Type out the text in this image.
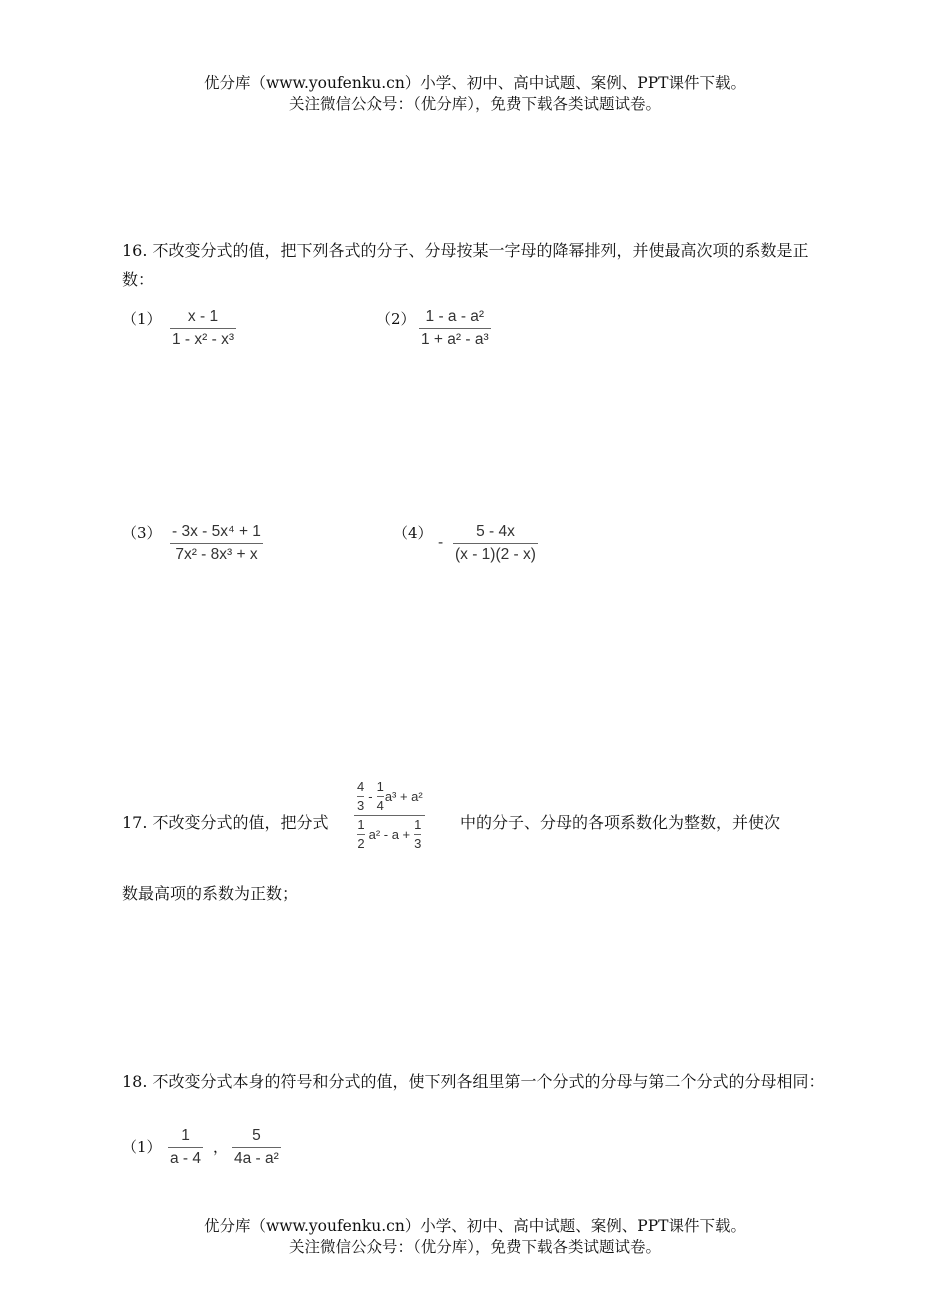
优分库（www.youfenku.cn）小学、初中、高中试题、案例、PPT课件下载。
关注微信公众号：（优分库），免费下载各类试题试卷。
16. 不改变分式的值，把下列各式的分子、分母按某一字母的降幂排列，并使最高次项的系数是正数：
（1） x - 1
1 - x² - x³
（2） 1 - a - a²
1 + a² - a³
（3） - 3x - 5x⁴ + 1
7x² - 8x³ + x
（4）
-
5 - 4x
(x - 1)(2 - x)
17. 不改变分式的值，把分式
4
3
-
1
4
a³ + a²
1
2
a² - a +
1
3
中的分子、分母的各项系数化为整数，并使次
数最高项的系数为正数；
18. 不改变分式本身的符号和分式的值，使下列各组里第一个分式的分母与第二个分式的分母相同：
（1）
1
a - 4
，
5
4a - a²
优分库（www.youfenku.cn）小学、初中、高中试题、案例、PPT课件下载。
关注微信公众号：（优分库），免费下载各类试题试卷。
